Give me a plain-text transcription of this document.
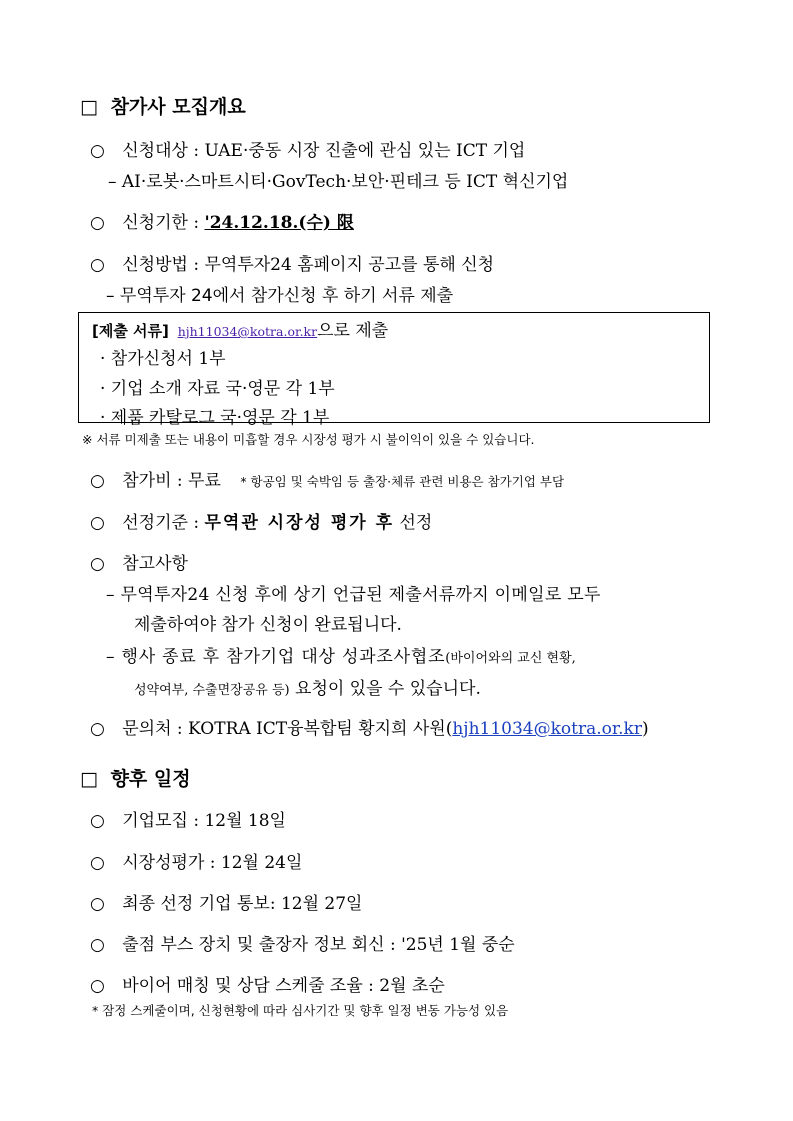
□ 참가사 모집개요
○ 신청대상 : UAE·중동 시장 진출에 관심 있는 ICT 기업
– AI·로봇·스마트시티·GovTech·보안·핀테크 등 ICT 혁신기업
○ 신청기한 : '24.12.18.(수) 限
○ 신청방법 : 무역투자24 홈페이지 공고를 통해 신청
– 무역투자 24에서 참가신청 후 하기 서류 제출
[제출 서류] hjh11034@kotra.or.kr으로 제출
· 참가신청서 1부
· 기업 소개 자료 국·영문 각 1부
· 제품 카탈로그 국·영문 각 1부
※ 서류 미제출 또는 내용이 미흡할 경우 시장성 평가 시 불이익이 있을 수 있습니다.
○ 참가비 : 무료 * 항공임 및 숙박임 등 출장·체류 관련 비용은 참가기업 부담
○ 선정기준 : 무역관 시장성 평가 후 선정
○ 참고사항
– 무역투자24 신청 후에 상기 언급된 제출서류까지 이메일로 모두
제출하여야 참가 신청이 완료됩니다.
– 행사 종료 후 참가기업 대상 성과조사협조(바이어와의 교신 현황,
성약여부, 수출면장공유 등) 요청이 있을 수 있습니다.
○ 문의처 : KOTRA ICT융복합팀 황지희 사원(hjh11034@kotra.or.kr)
□ 향후 일정
○ 기업모집 : 12월 18일
○ 시장성평가 : 12월 24일
○ 최종 선정 기업 통보: 12월 27일
○ 출점 부스 장치 및 출장자 정보 회신 : '25년 1월 중순
○ 바이어 매칭 및 상담 스케줄 조율 : 2월 초순
* 잠정 스케줄이며, 신청현황에 따라 심사기간 및 향후 일정 변동 가능성 있음
